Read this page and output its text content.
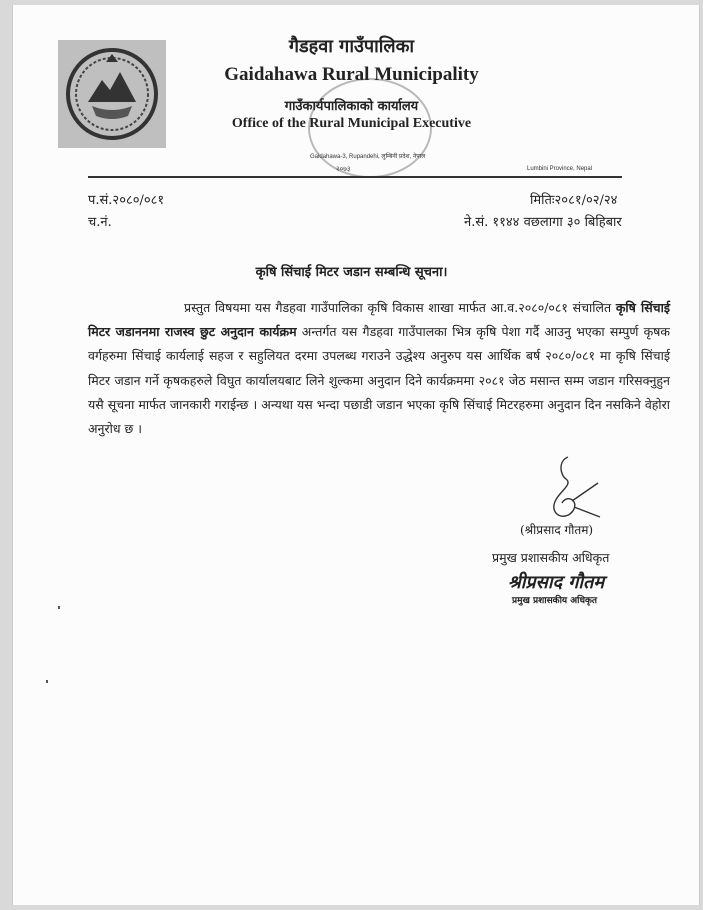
गैडहवा गाउँपालिका
Gaidahawa Rural Municipality
गाउँकार्यपालिकाको कार्यालय
Office of the Rural Municipal Executive
२०७३
Gaidahawa-3, Rupandehi, लुम्बिनी प्रदेश, नेपाल
Lumbini Province, Nepal
प.सं.२०८०/०८१
च.नं.
मितिः२०८१/०२/२४
ने.सं. ११४४ वछलागा ३० बिहिबार
कृषि सिंचाई मिटर जडान सम्बन्धि सूचना।

प्रस्तुत विषयमा यस गैडहवा गाउँपालिका कृषि विकास शाखा मार्फत आ.व.२०८०/०८१ संचालित कृषि सिंचाई मिटर जडाननमा राजस्व छुट अनुदान कार्यक्रम अन्तर्गत यस गैडहवा गाउँपालका भित्र कृषि पेशा गर्दै आउनु भएका सम्पुर्ण कृषक वर्गहरुमा सिंचाई कार्यलाई सहज र सहुलियत दरमा उपलब्ध गराउने उद्धेश्य अनुरुप यस आर्थिक बर्ष २०८०/०८१ मा कृषि सिंचाई मिटर जडान गर्ने कृषकहरुले विघुत कार्यालयबाट लिने शुल्कमा अनुदान दिने कार्यक्रममा २०८१ जेठ मसान्त सम्म जडान गरिसक्नुहुन यसै सूचना मार्फत जानकारी गराईन्छ । अन्यथा यस भन्दा पछाडी जडान भएका कृषि सिंचाई मिटरहरुमा अनुदान दिन नसकिने वेहोरा अनुरोध छ ।

(श्रीप्रसाद गौतम)
प्रमुख प्रशासकीय अधिकृत
श्रीप्रसाद गौतम
प्रमुख प्रशासकीय अधिकृत
